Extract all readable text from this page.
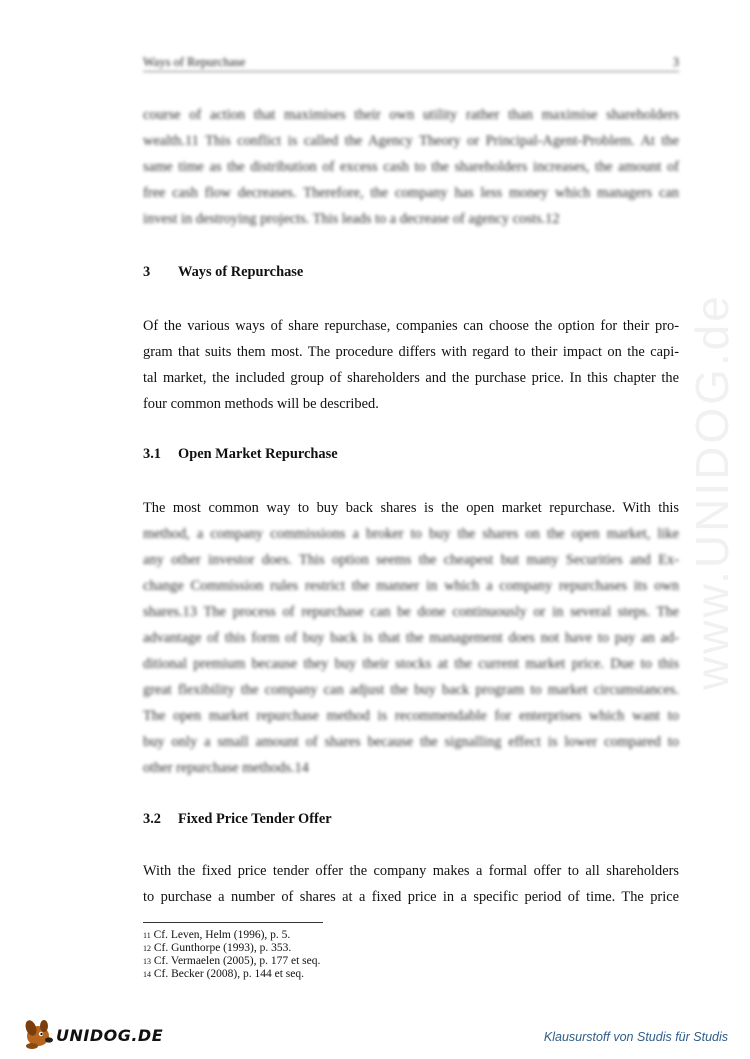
www.UNIDOG.de
Ways of Repurchase	3
course of action that maximises their own utility rather than maximise shareholders
wealth.11 This conflict is called the Agency Theory or Principal-Agent-Problem. At the
same time as the distribution of excess cash to the shareholders increases, the amount of
free cash flow decreases. Therefore, the company has less money which managers can
invest in destroying projects. This leads to a decrease of agency costs.12
3 Ways of Repurchase
Of the various ways of share repurchase, companies can choose the option for their pro-
gram that suits them most. The procedure differs with regard to their impact on the capi-
tal market, the included group of shareholders and the purchase price. In this chapter the
four common methods will be described.
3.1 Open Market Repurchase
The most common way to buy back shares is the open market repurchase. With this
method, a company commissions a broker to buy the shares on the open market, like
any other investor does. This option seems the cheapest but many Securities and Ex-
change Commission rules restrict the manner in which a company repurchases its own
shares.13 The process of repurchase can be done continuously or in several steps. The
advantage of this form of buy back is that the management does not have to pay an ad-
ditional premium because they buy their stocks at the current market price. Due to this
great flexibility the company can adjust the buy back program to market circumstances.
The open market repurchase method is recommendable for enterprises which want to
buy only a small amount of shares because the signalling effect is lower compared to
other repurchase methods.14
3.2 Fixed Price Tender Offer
With the fixed price tender offer the company makes a formal offer to all shareholders
to purchase a number of shares at a fixed price in a specific period of time. The price
$^{11}$ Cf. Leven, Helm (1996), p. 5.
$^{12}$ Cf. Gunthorpe (1993), p. 353.
$^{13}$ Cf. Vermaelen (2005), p. 177 et seq.
$^{14}$ Cf. Becker (2008), p. 144 et seq.
UNIDOG.DE	Klausurstoff von Studis für Studis
